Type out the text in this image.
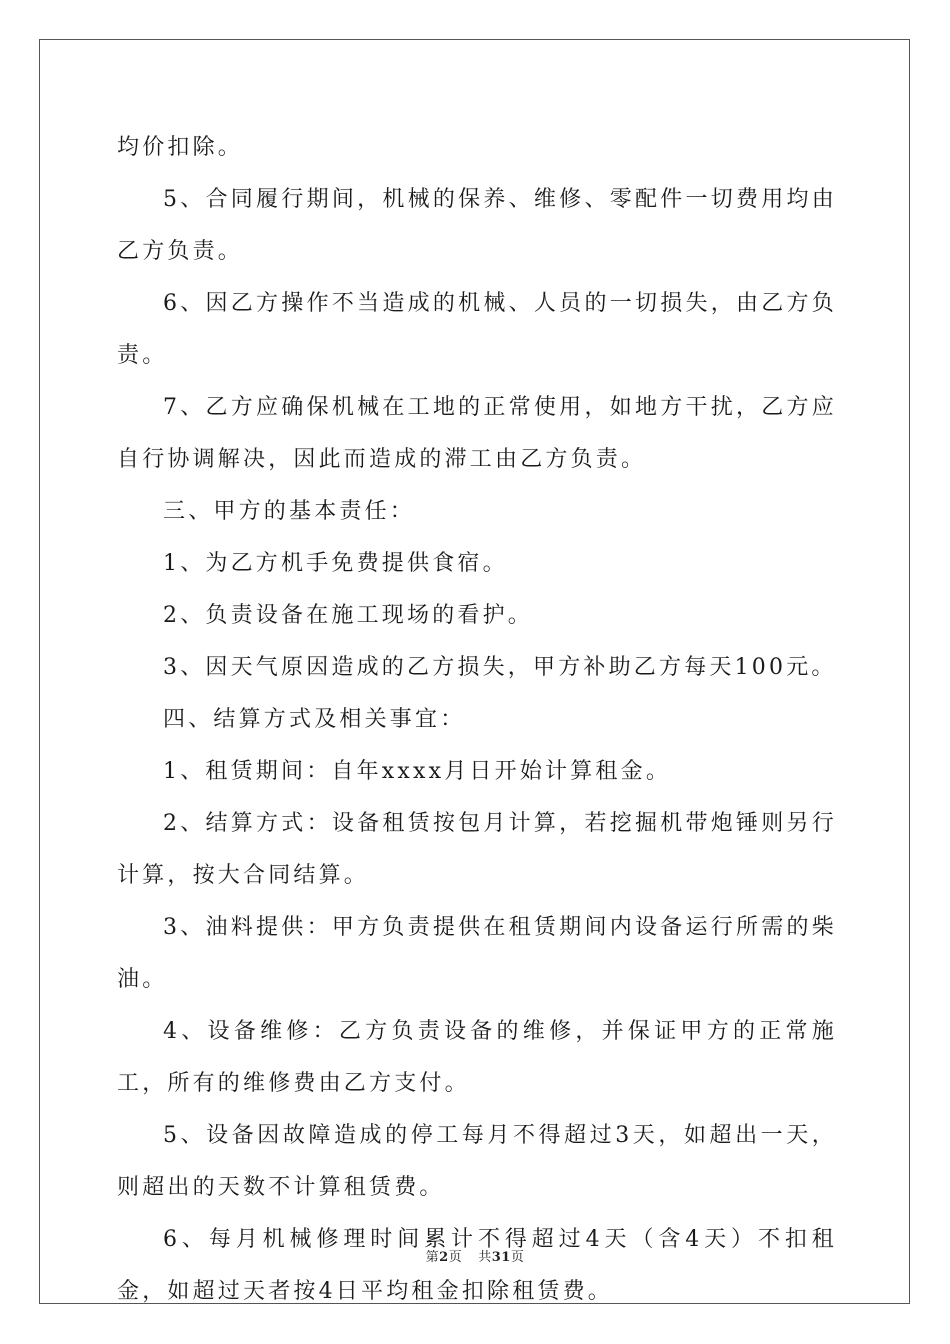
均价扣除。

5、合同履行期间，机械的保养、维修、零配件一切费用均由乙方负责。

6、因乙方操作不当造成的机械、人员的一切损失，由乙方负责。

7、乙方应确保机械在工地的正常使用，如地方干扰，乙方应自行协调解决，因此而造成的滞工由乙方负责。

三、甲方的基本责任：

1、为乙方机手免费提供食宿。

2、负责设备在施工现场的看护。

3、因天气原因造成的乙方损失，甲方补助乙方每天100元。

四、结算方式及相关事宜：

1、租赁期间：自年xxxx月日开始计算租金。

2、结算方式：设备租赁按包月计算，若挖掘机带炮锤则另行计算，按大合同结算。

3、油料提供：甲方负责提供在租赁期间内设备运行所需的柴油。

4、设备维修：乙方负责设备的维修，并保证甲方的正常施工，所有的维修费由乙方支付。

5、设备因故障造成的停工每月不得超过3天，如超出一天，则超出的天数不计算租赁费。

6、每月机械修理时间累计不得超过4天（含4天）不扣租金，如超过天者按4日平均租金扣除租赁费。

第2页 共31页
